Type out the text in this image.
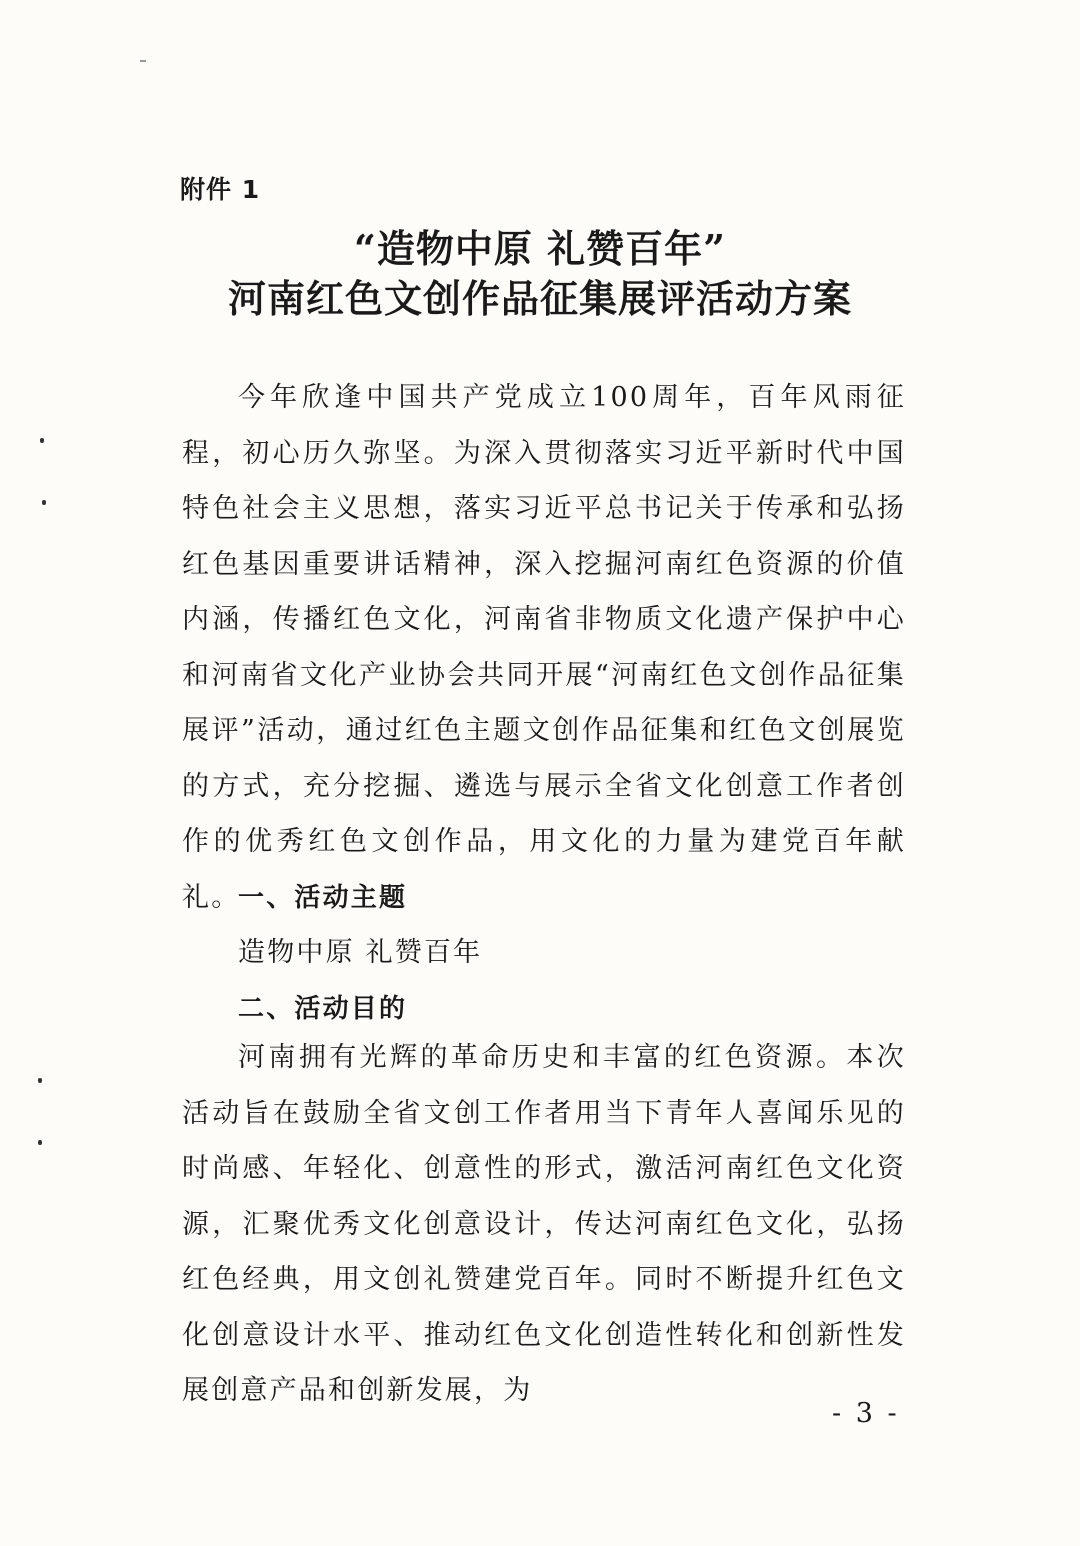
附件 1
“造物中原 礼赞百年”
河南红色文创作品征集展评活动方案
今年欣逢中国共产党成立100周年，百年风雨征程，初心历久弥坚。为深入贯彻落实习近平新时代中国特色社会主义思想，落实习近平总书记关于传承和弘扬红色基因重要讲话精神，深入挖掘河南红色资源的价值内涵，传播红色文化，河南省非物质文化遗产保护中心和河南省文化产业协会共同开展“河南红色文创作品征集展评”活动，通过红色主题文创作品征集和红色文创展览的方式，充分挖掘、遴选与展示全省文化创意工作者创作的优秀红色文创作品，用文化的力量为建党百年献礼。
一、活动主题
造物中原 礼赞百年
二、活动目的
河南拥有光辉的革命历史和丰富的红色资源。本次活动旨在鼓励全省文创工作者用当下青年人喜闻乐见的时尚感、年轻化、创意性的形式，激活河南红色文化资源，汇聚优秀文化创意设计，传达河南红色文化，弘扬红色经典，用文创礼赞建党百年。同时不断提升红色文化创意设计水平、推动红色文化创造性转化和创新性发展创意产品和创新发展，为
- 3 -
